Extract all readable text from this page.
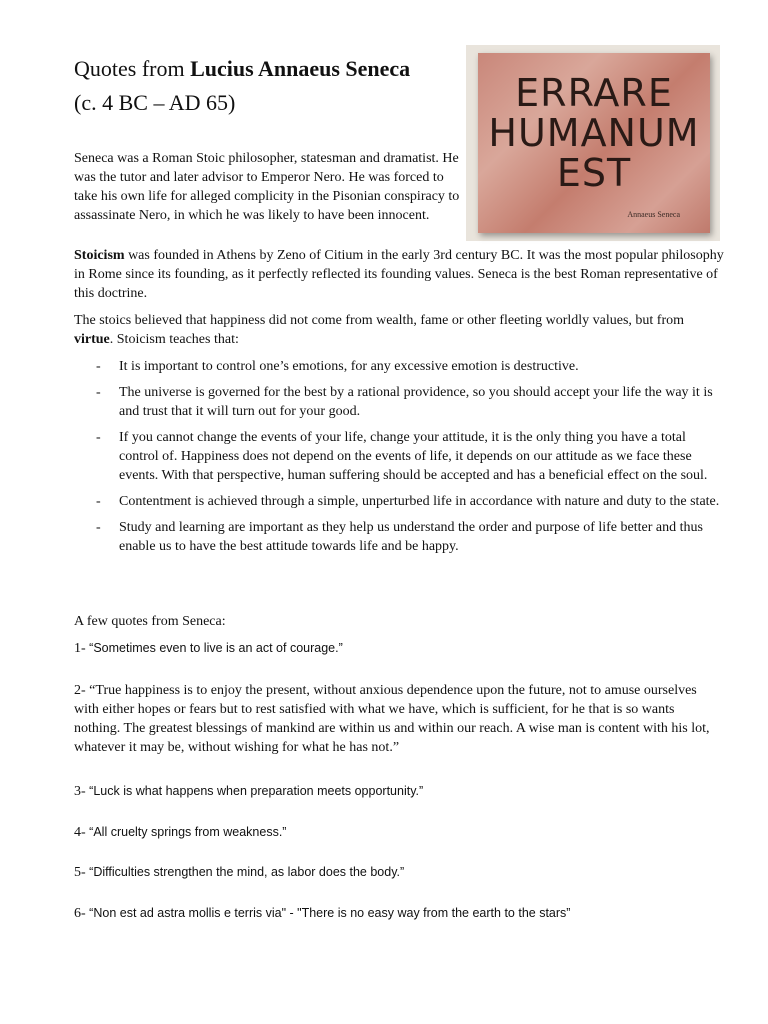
Quotes from Lucius Annaeus Seneca
(c. 4 BC – AD 65)
Seneca was a Roman Stoic philosopher, statesman and dramatist. He was the tutor and later advisor to Emperor Nero. He was forced to take his own life for alleged complicity in the Pisonian conspiracy to assassinate Nero, in which he was likely to have been innocent.
ERRARE
HUMANUM
EST
Annaeus Seneca

Stoicism was founded in Athens by Zeno of Citium in the early 3rd century BC. It was the most popular philosophy in Rome since its founding, as it perfectly reflected its founding values. Seneca is the best Roman representative of this doctrine.

The stoics believed that happiness did not come from wealth, fame or other fleeting worldly values, but from virtue. Stoicism teaches that:

- It is important to control one’s emotions, for any excessive emotion is destructive.
- The universe is governed for the best by a rational providence, so you should accept your life the way it is and trust that it will turn out for your good.
- If you cannot change the events of your life, change your attitude, it is the only thing you have a total control of. Happiness does not depend on the events of life, it depends on our attitude as we face these events. With that perspective, human suffering should be accepted and has a beneficial effect on the soul.
- Contentment is achieved through a simple, unperturbed life in accordance with nature and duty to the state.
- Study and learning are important as they help us understand the order and purpose of life better and thus enable us to have the best attitude towards life and be happy.
A few quotes from Seneca:
1- “Sometimes even to live is an act of courage.”
2- “True happiness is to enjoy the present, without anxious dependence upon the future, not to amuse ourselves with either hopes or fears but to rest satisfied with what we have, which is sufficient, for he that is so wants nothing. The greatest blessings of mankind are within us and within our reach. A wise man is content with his lot, whatever it may be, without wishing for what he has not.”
3- “Luck is what happens when preparation meets opportunity.”
4- “All cruelty springs from weakness.”
5- “Difficulties strengthen the mind, as labor does the body.”
6- “Non est ad astra mollis e terris via" - "There is no easy way from the earth to the stars”
